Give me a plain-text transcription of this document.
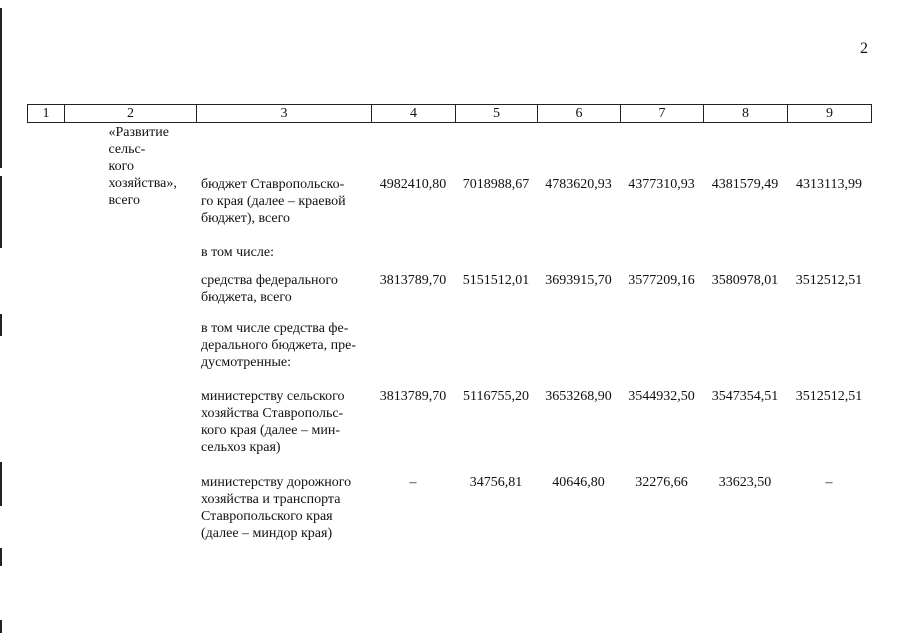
2
1	2	3	4	5	6	7	8	9

	«Развитие сельс-
кого хозяйства»,
всего							

		бюджет Ставропольско-
го края (далее – краевой
бюджет), всего	4982410,80	7018988,67	4783620,93	4377310,93	4381579,49	4313113,99

		в том числе:						

		средства федерального
бюджета, всего	3813789,70	5151512,01	3693915,70	3577209,16	3580978,01	3512512,51

		в том числе средства фе-
дерального бюджета, пре-
дусмотренные:						

		министерству сельского
хозяйства Ставропольс-
кого края (далее – мин-
сельхоз края)	3813789,70	5116755,20	3653268,90	3544932,50	3547354,51	3512512,51

		министерству дорожного
хозяйства и транспорта
Ставропольского края
(далее – миндор края)	–	34756,81	40646,80	32276,66	33623,50	–
